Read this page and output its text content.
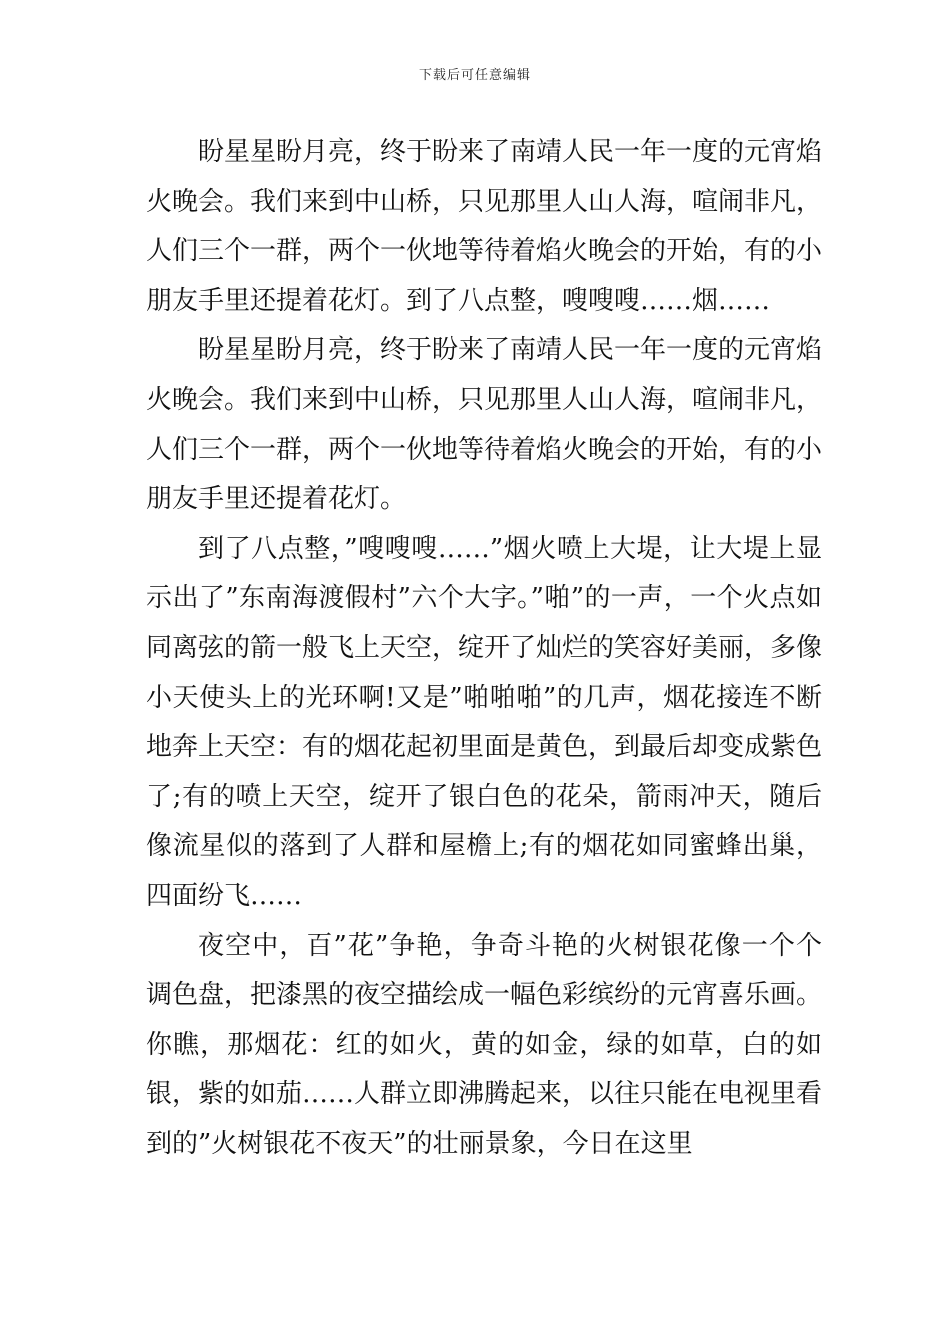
下载后可任意编辑

盼星星盼月亮，终于盼来了南靖人民一年一度的元宵焰火晚会。我们来到中山桥，只见那里人山人海，喧闹非凡，人们三个一群，两个一伙地等待着焰火晚会的开始，有的小朋友手里还提着花灯。到了八点整，嗖嗖嗖……烟……

盼星星盼月亮，终于盼来了南靖人民一年一度的元宵焰火晚会。我们来到中山桥，只见那里人山人海，喧闹非凡，人们三个一群，两个一伙地等待着焰火晚会的开始，有的小朋友手里还提着花灯。

到了八点整，”嗖嗖嗖……”烟火喷上大堤，让大堤上显示出了”东南海渡假村”六个大字。”啪”的一声，一个火点如同离弦的箭一般飞上天空，绽开了灿烂的笑容好美丽，多像小天使头上的光环啊!又是”啪啪啪”的几声，烟花接连不断地奔上天空：有的烟花起初里面是黄色，到最后却变成紫色了;有的喷上天空，绽开了银白色的花朵，箭雨冲天，随后像流星似的落到了人群和屋檐上;有的烟花如同蜜蜂出巢，四面纷飞……

夜空中，百”花”争艳，争奇斗艳的火树银花像一个个调色盘，把漆黑的夜空描绘成一幅色彩缤纷的元宵喜乐画。你瞧，那烟花：红的如火，黄的如金，绿的如草，白的如银，紫的如茄……人群立即沸腾起来，以往只能在电视里看到的”火树银花不夜天”的壮丽景象，今日在这里
